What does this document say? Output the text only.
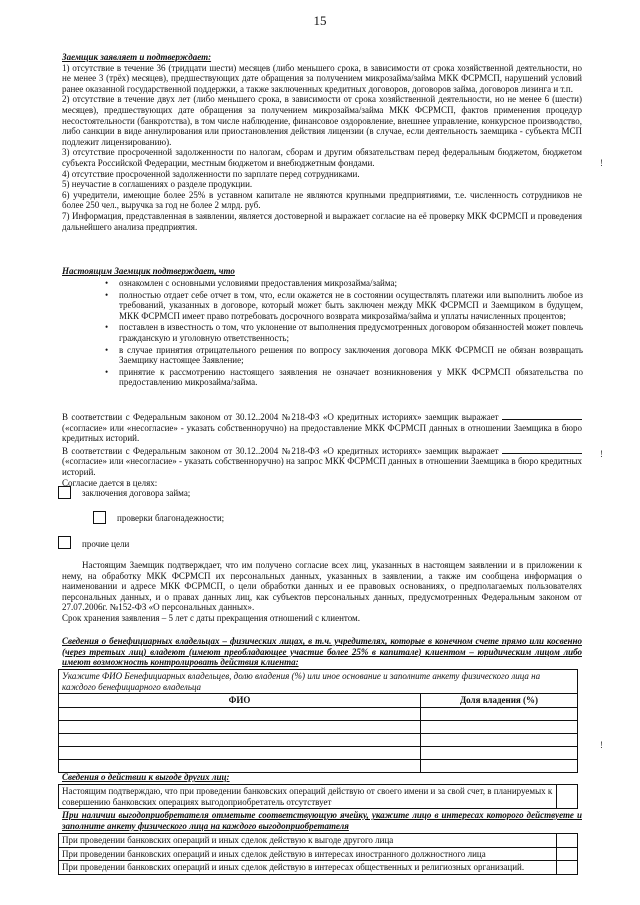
15
Заемщик заявляет и подтверждает:
1) отсутствие в течение 36 (тридцати шести) месяцев (либо меньшего срока, в зависимости от срока хозяйственной деятельности, но не менее 3 (трёх) месяцев), предшествующих дате обращения за получением микрозайма/займа МКК ФСРМСП, нарушений условий ранее оказанной государственной поддержки, а также заключенных кредитных договоров, договоров займа, договоров лизинга и т.п.
2) отсутствие в течение двух лет (либо меньшего срока, в зависимости от срока хозяйственной деятельности, но не менее 6 (шести) месяцев), предшествующих дате обращения за получением микрозайма/займа МКК ФСРМСП, фактов применения процедур несостоятельности (банкротства), в том числе наблюдение, финансовое оздоровление, внешнее управление, конкурсное производство, либо санкции в виде аннулирования или приостановления действия лицензии (в случае, если деятельность заемщика - субъекта МСП подлежит лицензированию).
3) отсутствие просроченной задолженности по налогам, сборам и другим обязательствам перед федеральным бюджетом, бюджетом субъекта Российской Федерации, местным бюджетом и внебюджетным фондами.
4) отсутствие просроченной задолженности по зарплате перед сотрудниками.
5) неучастие в соглашениях о разделе продукции.
6) учредители, имеющие более 25% в уставном капитале не являются крупными предприятиями, т.е. численность сотрудников не более 250 чел., выручка за год не более 2 млрд. руб.
7) Информация, представленная в заявлении, является достоверной и выражает согласие на её проверку МКК ФСРМСП и проведения дальнейшего анализа предприятия.
Настоящим Заемщик подтверждает, что
• ознакомлен с основными условиями предоставления микрозайма/займа;
• полностью отдает себе отчет в том, что, если окажется не в состоянии осуществлять платежи или выполнить любое из требований, указанных в договоре, который может быть заключен между МКК ФСРМСП и Заемщиком в будущем, МКК ФСРМСП имеет право потребовать досрочного возврата микрозайма/займа и уплаты начисленных процентов;
• поставлен в известность о том, что уклонение от выполнения предусмотренных договором обязанностей может повлечь гражданскую и уголовную ответственность;
• в случае принятия отрицательного решения по вопросу заключения договора МКК ФСРМСП не обязан возвращать Заемщику настоящее Заявление;
• принятие к рассмотрению настоящего заявления не означает возникновения у МКК ФСРМСП обязательства по предоставлению микрозайма/займа.
В соответствии с Федеральным законом от 30.12..2004 №218-ФЗ «О кредитных историях» заемщик выражает  («согласие» или «несогласие» - указать собственноручно) на предоставление МКК ФСРМСП данных в отношении Заемщика в бюро кредитных историй.
В соответствии с Федеральным законом от 30.12..2004 №218-ФЗ «О кредитных историях» заемщик выражает  («согласие» или «несогласие» - указать собственноручно) на запрос МКК ФСРМСП данных в отношении Заемщика в бюро кредитных историй.
Согласие дается в целях:
заключения договора займа;
проверки благонадежности;
прочие цели
Настоящим Заемщик подтверждает, что им получено согласие всех лиц, указанных в настоящем заявлении и в приложении к нему, на обработку МКК ФСРМСП их персональных данных, указанных в заявлении, а также им сообщена информация о наименовании и адресе МКК ФСРМСП, о цели обработки данных и ее правовых основаниях, о предполагаемых пользователях персональных данных, и о правах данных лиц, как субъектов персональных данных, предусмотренных Федеральным законом от 27.07.2006г. №152-ФЗ «О персональных данных».
Срок хранения заявления – 5 лет с даты прекращения отношений с клиентом.
Сведения о бенефициарных владельцах – физических лицах, в т.ч. учредителях, которые в конечном счете прямо или косвенно (через третьих лиц) владеют (имеют преобладающее участие более 25% в капитале) клиентом – юридическим лицом либо имеют возможность контролировать действия клиента:
Укажите ФИО Бенефициарных владельцев, долю владения (%) или иное основание и заполните анкету физического лица на каждого бенефициарного владельца	
ФИО	Доля владения (%)

Сведения о действии к выгоде других лиц:
Настоящим подтверждаю, что при проведении банковских операций действую от своего имени и за свой счет, в планируемых к совершению банковских операциях выгодоприобретатель отсутствует	
При наличии выгодоприобретателя отметьте соответствующую ячейку, укажите лицо в интересах которого действуете и заполните анкету физического лица на каждого выгодоприобретателя
При проведении банковских операций и иных сделок действую к выгоде другого лица	
При проведении банковских операций и иных сделок действую в интересах иностранного должностного лица	
При проведении банковских операций и иных сделок действую в интересах общественных и религиозных организаций.	
ǃ
ǃ
ǃ
